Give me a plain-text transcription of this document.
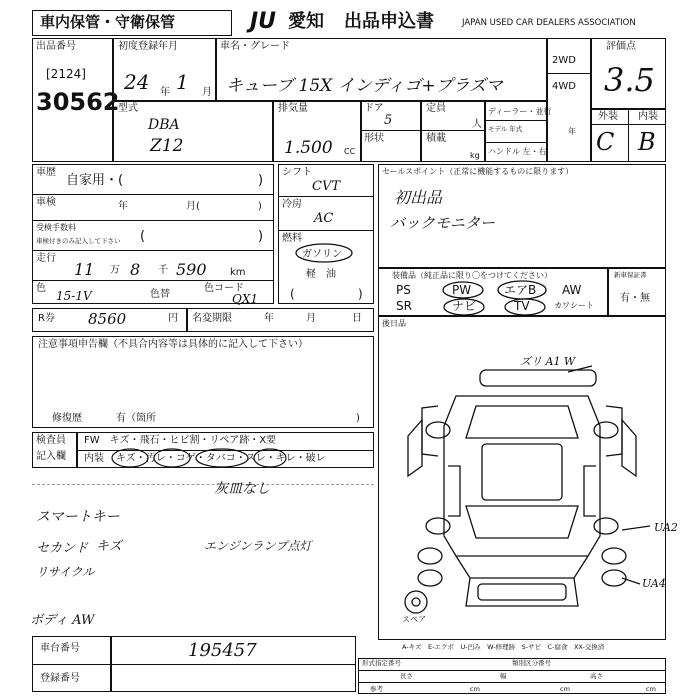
車内保管・守衛保管	JU 愛知 出品申込書	JAPAN USED CAR DEALERS ASSOCIATION
出品番号
[2124]
30562
初度登録年月
24 年 1 月
車名・グレード
キューブ 15X インディゴ+プラズマ
2WD
4WD
評価点
3.5
外装 内装
C B
型式
DBA
Z12
排気量
1.500 CC
ドア
5
定員
人
形状	積載
kg
ディーラー・並行
モデル 年式	年
ハンドル 左・右
車歴
自家用・(	)
車検	年	月(	)
受検手数料
車検付きのみ記入して下さい (	)
走行
11 万 8 千 590 km
色
15-1V	色替
色コード
QX1
シフト
CVT
冷房
AC
燃料
ガソリン
軽　油
(	)
セールスポイント（正常に機能するものに限ります）
初出品
バックモニター
装備品（純正品に限り〇をつけてください）
PS	PW	エアB AW
SR	ナビ	TV	カワシート
新車保証書
有・無
R券 8560	円 名変期限	年	月	日	後日品
注意事項申告欄（不具合内容等は具体的に記入して下さい）
修復歴	有（箇所	)
検査員
記入欄
FW　キズ・飛石・ヒビ割・リペア跡・X要
内装 キズ・汚レ・コゲ・タバコ・スレ・キレ・破レ
灰皿なし
スマートキー
セカンド キズ	エンジンランプ点灯
リサイクル
ボディ AW
ズリ A1 W
UA2
UA4
スペア
A-キズ　E-エクボ　U-凹み　W-修理跡　S-サビ　C-腐食　XX-交換済
車台番号	195457
登録番号
形式指定番号	類別区分番号
長さ
cm
幅
cm
高さ
cm
参考
